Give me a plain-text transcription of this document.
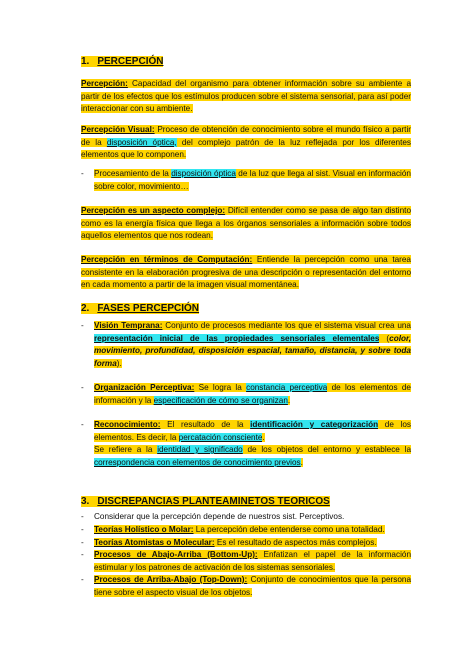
1. PERCEPCIÓN
Percepción: Capacidad del organismo para obtener información sobre su ambiente a partir de los efectos que los estímulos producen sobre el sistema sensorial, para así poder interaccionar con su ambiente.
Percepción Visual: Proceso de obtención de conocimiento sobre el mundo físico a partir de la disposición óptica, del complejo patrón de la luz reflejada por los diferentes elementos que lo componen.
- Procesamiento de la disposición óptica de la luz que llega al sist. Visual en información sobre color, movimiento…
Percepción es un aspecto complejo: Difícil entender como se pasa de algo tan distinto como es la energía física que llega a los órganos sensoriales a información sobre todos aquellos elementos que nos rodean.
Percepción en términos de Computación: Entiende la percepción como una tarea consistente en la elaboración progresiva de una descripción o representación del entorno en cada momento a partir de la imagen visual momentánea.
2. FASES PERCEPCIÓN
- Visión Temprana: Conjunto de procesos mediante los que el sistema visual crea una representación inicial de las propiedades sensoriales elementales (color, movimiento, profundidad, disposición espacial, tamaño, distancia, y sobre toda forma).
- Organización Perceptiva: Se logra la constancia perceptiva de los elementos de información y la especificación de cómo se organizan.
- Reconocimiento: El resultado de la identificación y categorización de los elementos. Es decir, la percatación consciente.
Se refiere a la identidad y significado de los objetos del entorno y establece la correspondencia con elementos de conocimiento previos.
3. DISCREPANCIAS PLANTEAMINETOS TEORICOS
- Considerar que la percepción depende de nuestros sist. Perceptivos.
- Teorías Holístico o Molar: La percepción debe entenderse como una totalidad.
- Teorías Atomistas o Molecular: Es el resultado de aspectos más complejos.
- Procesos de Abajo-Arriba (Bottom-Up): Enfatizan el papel de la información estimular y los patrones de activación de los sistemas sensoriales.
- Procesos de Arriba-Abajo (Top-Down): Conjunto de conocimientos que la persona tiene sobre el aspecto visual de los objetos.
